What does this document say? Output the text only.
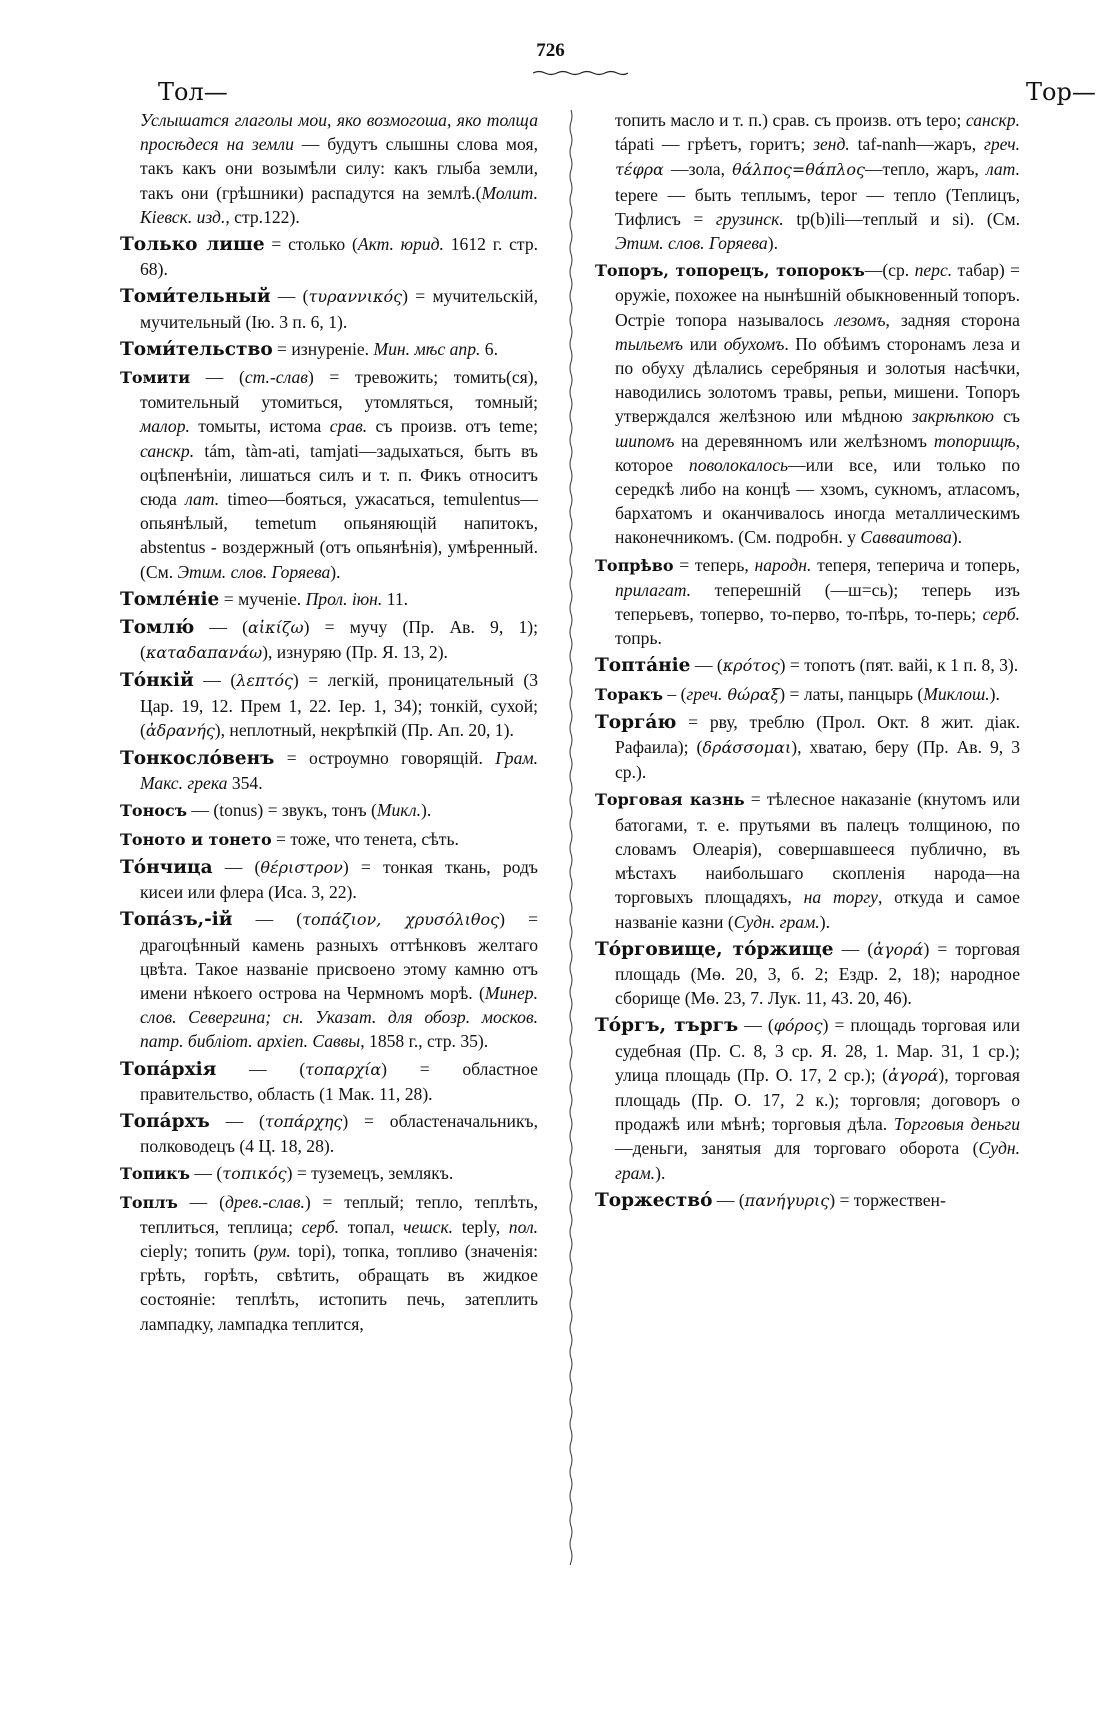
726
Тол—	Тор—

Услышатся глаголы мои, яко возмогоша, яко толща просѣдеся на земли — будутъ слышны слова моя, такъ какъ они возымѣли силу: какъ глыба земли, такъ они (грѣшники) распадутся на землѣ.(Молит. Кіевск. изд., стр.122).

Только лише = столько (Акт. юрид. 1612 г. стр. 68).

Томи́тельный — (τυραννικός) = мучительскій, мучительный (Ію. 3 п. 6, 1).

Томи́тельство = изнуреніе. Мин. мѣс апр. 6.

Томити — (ст.-слав) = тревожить; томить(ся), томительный утомиться, утомляться, томный; малор. томыты, истома срав. съ произв. отъ teme; санскр. tám, tàm-ati, tamjati—задыхаться, быть въ оцѣпенѣніи, лишаться силъ и т. п. Фикъ относитъ сюда лат. timeo—бояться, ужасаться, temulentus—опьянѣлый, temetum опьяняющій напитокъ, abstentus - воздержный (отъ опьянѣнія), умѣренный. (См. Этим. слов. Горяева).

Томле́ніе = мученіе. Прол. іюн. 11.

Томлю́ — (αἰκίζω) = мучу (Пр. Ав. 9, 1); (καταδαπανάω), изнуряю (Пр. Я. 13, 2).

То́нкій — (λεπτός) = легкій, проницательный (3 Цар. 19, 12. Прем 1, 22. Іер. 1, 34); тонкій, сухой; (ἀδρανής), неплотный, некрѣпкій (Пр. Ап. 20, 1).

Тонкосло́венъ = остроумно говорящій. Грам. Макс. грека 354.

Тоносъ — (tonus) = звукъ, тонъ (Микл.).

Тоното и тонето = тоже, что тенета, сѣть.

То́нчица — (θέριστρον) = тонкая ткань, родъ кисеи или флера (Иса. 3, 22).

Топа́зъ,-ій — (τοπάζιον, χρυσόλιθος) = драгоцѣнный камень разныхъ оттѣнковъ желтаго цвѣта. Такое названіе присвоено этому камню отъ имени нѣкоего острова на Чермномъ морѣ. (Минер. слов. Севергина; сн. Указат. для обозр. москов. патр. библіот. архіеп. Саввы, 1858 г., стр. 35).

Топа́рхія — (τοπαρχία) = областное правительство, область (1 Мак. 11, 28).

Топа́рхъ — (τοπάρχης) = областеначальникъ, полководецъ (4 Ц. 18, 28).

Топикъ — (τοπικός) = туземецъ, землякъ.

Топлъ — (древ.-слав.) = теплый; тепло, теплѣть, теплиться, теплица; серб. топал, чешск. teply, пол. cieply; топить (рум. topi), топка, топливо (значенія: грѣть, горѣть, свѣтить, обращать въ жидкое состояніе: теплѣть, истопить печь, затеплить лампадку, лампадка теплится,

топить масло и т. п.) срав. съ произв. отъ tepo; санскр. tápati — грѣетъ, горитъ; зенд. taf-nanh—жаръ, греч. τέφρα —зола, θάλπος=θάπλος—тепло, жаръ, лат. tepere — быть теплымъ, tepor — тепло (Теплицъ, Тифлисъ = грузинск. tp(b)ili—теплый и si). (См. Этим. слов. Горяева).

Топоръ, топорецъ, топорокъ—(ср. перс. табар) = оружіе, похожее на нынѣшній обыкновенный топоръ. Остріе топора называлось лезомъ, задняя сторона тыльемъ или обухомъ. По обѣимъ сторонамъ леза и по обуху дѣлались серебряныя и золотыя насѣчки, наводились золотомъ травы, репьи, мишени. Топоръ утверждался желѣзною или мѣдною закрѣпкою съ шипомъ на деревянномъ или желѣзномъ топорищѣ, которое поволокалось—или все, или только по середкѣ либо на концѣ — хзомъ, сукномъ, атласомъ, бархатомъ и оканчивалось иногда металлическимъ наконечникомъ. (См. подробн. у Саввaитова).

Топрѣво = теперь, народн. теперя, теперича и топерь, прилагат. теперешній (—ш=сь); теперь изъ теперьевъ, топерво, то-перво, то-пѣрь, то-перь; серб. топрь.

Топта́ніе — (κρότος) = топотъ (пят. вайі, к 1 п. 8, 3).

Торакъ – (греч. θώραξ) = латы, панцырь (Миклош.).

Торга́ю = рву, треблю (Прол. Окт. 8 жит. діак. Рафаила); (δράσσομαι), хватаю, беру (Пр. Ав. 9, 3 ср.).

Торговая казнь = тѣлесное наказаніе (кнутомъ или батогами, т. е. прутьями въ палецъ толщиною, по словамъ Олеарія), совершавшееся публично, въ мѣстахъ наибольшаго скопленія народа—на торговыхъ площадяхъ, на торгу, откуда и самое названіе казни (Судн. грам.).

То́рговище, то́ржище — (ἀγορά) = торговая площадь (Мѳ. 20, 3, б. 2; Ездр. 2, 18); народное сборище (Мѳ. 23, 7. Лук. 11, 43. 20, 46).

То́ргъ, търгъ — (φόρος) = площадь торговая или судебная (Пр. С. 8, 3 ср. Я. 28, 1. Мар. 31, 1 ср.); улица площадь (Пр. О. 17, 2 ср.); (ἀγορά), торговая площадь (Пр. О. 17, 2 к.); торговля; договоръ о продажѣ или мѣнѣ; торговыя дѣла. Торговыя деньги—деньги, занятыя для торговаго оборота (Судн. грам.).

Торжество́ — (πανήγυρις) = торжествен-
